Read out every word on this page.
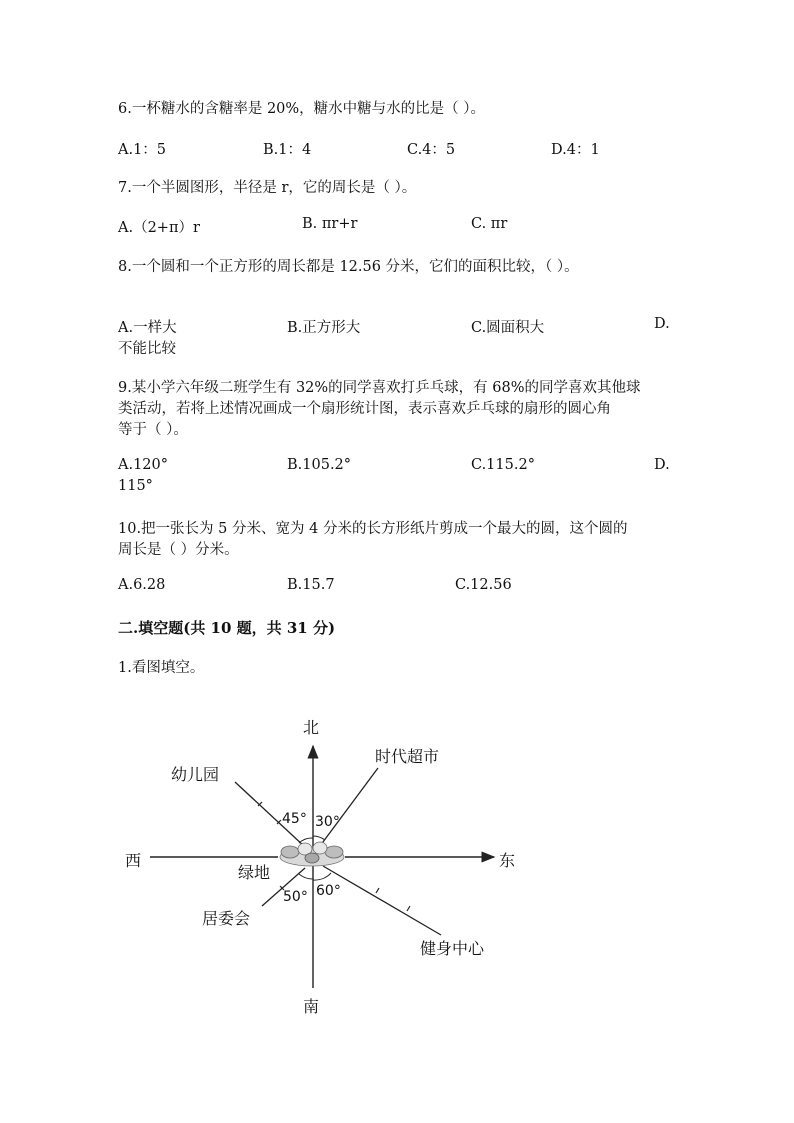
6.一杯糖水的含糖率是 20%，糖水中糖与水的比是（ ）。
A.1：5	B.1：4	C.4：5	D.4：1
7.一个半圆图形，半径是 r，它的周长是（ ）。
A.（2+π）r	B. πr+r	C. πr
8.一个圆和一个正方形的周长都是 12.56 分米，它们的面积比较，（ ）。
A.一样大	B.正方形大	C.圆面积大	D.
不能比较
9.某小学六年级二班学生有 32%的同学喜欢打乒乓球，有 68%的同学喜欢其他球
类活动，若将上述情况画成一个扇形统计图，表示喜欢乒乓球的扇形的圆心角
等于（ ）。
A.120°	B.105.2°	C.115.2°	D.
115°
10.把一张长为 5 分米、宽为 4 分米的长方形纸片剪成一个最大的圆，这个圆的
周长是（ ）分米。
A.6.28	B.15.7	C.12.56
二.填空题(共 10 题，共 31 分)
1.看图填空。
北
南
东
西
幼儿园
时代超市
绿地
居委会
健身中心
45° 30°
50° 60°
